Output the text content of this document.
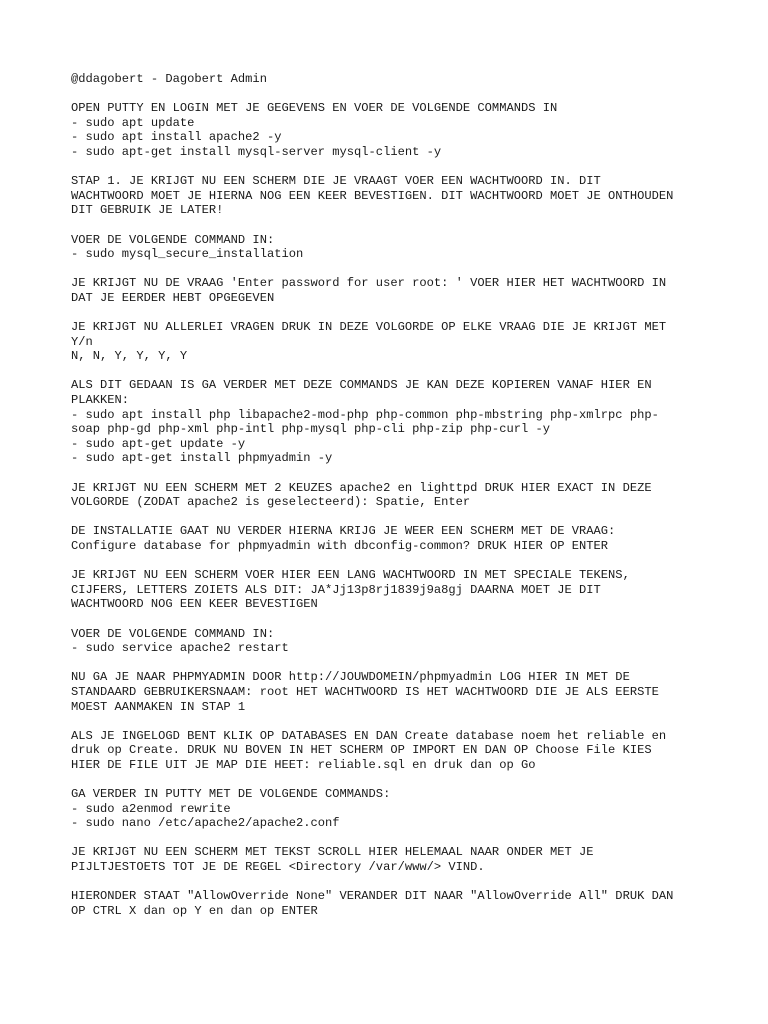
@ddagobert - Dagobert Admin
OPEN PUTTY EN LOGIN MET JE GEGEVENS EN VOER DE VOLGENDE COMMANDS IN
- sudo apt update
- sudo apt install apache2 -y
- sudo apt-get install mysql-server mysql-client -y
STAP 1. JE KRIJGT NU EEN SCHERM DIE JE VRAAGT VOER EEN WACHTWOORD IN. DIT
WACHTWOORD MOET JE HIERNA NOG EEN KEER BEVESTIGEN. DIT WACHTWOORD MOET JE ONTHOUDEN
DIT GEBRUIK JE LATER!
VOER DE VOLGENDE COMMAND IN:
- sudo mysql_secure_installation
JE KRIJGT NU DE VRAAG 'Enter password for user root: ' VOER HIER HET WACHTWOORD IN
DAT JE EERDER HEBT OPGEGEVEN
JE KRIJGT NU ALLERLEI VRAGEN DRUK IN DEZE VOLGORDE OP ELKE VRAAG DIE JE KRIJGT MET
Y/n
N, N, Y, Y, Y, Y
ALS DIT GEDAAN IS GA VERDER MET DEZE COMMANDS JE KAN DEZE KOPIEREN VANAF HIER EN
PLAKKEN:
- sudo apt install php libapache2-mod-php php-common php-mbstring php-xmlrpc php-
soap php-gd php-xml php-intl php-mysql php-cli php-zip php-curl -y
- sudo apt-get update -y
- sudo apt-get install phpmyadmin -y
JE KRIJGT NU EEN SCHERM MET 2 KEUZES apache2 en lighttpd DRUK HIER EXACT IN DEZE
VOLGORDE (ZODAT apache2 is geselecteerd): Spatie, Enter
DE INSTALLATIE GAAT NU VERDER HIERNA KRIJG JE WEER EEN SCHERM MET DE VRAAG:
Configure database for phpmyadmin with dbconfig-common? DRUK HIER OP ENTER
JE KRIJGT NU EEN SCHERM VOER HIER EEN LANG WACHTWOORD IN MET SPECIALE TEKENS,
CIJFERS, LETTERS ZOIETS ALS DIT: JA*Jj13p8rj1839j9a8gj DAARNA MOET JE DIT
WACHTWOORD NOG EEN KEER BEVESTIGEN
VOER DE VOLGENDE COMMAND IN:
- sudo service apache2 restart
NU GA JE NAAR PHPMYADMIN DOOR http://JOUWDOMEIN/phpmyadmin LOG HIER IN MET DE
STANDAARD GEBRUIKERSNAAM: root HET WACHTWOORD IS HET WACHTWOORD DIE JE ALS EERSTE
MOEST AANMAKEN IN STAP 1
ALS JE INGELOGD BENT KLIK OP DATABASES EN DAN Create database noem het reliable en
druk op Create. DRUK NU BOVEN IN HET SCHERM OP IMPORT EN DAN OP Choose File KIES
HIER DE FILE UIT JE MAP DIE HEET: reliable.sql en druk dan op Go
GA VERDER IN PUTTY MET DE VOLGENDE COMMANDS:
- sudo a2enmod rewrite
- sudo nano /etc/apache2/apache2.conf
JE KRIJGT NU EEN SCHERM MET TEKST SCROLL HIER HELEMAAL NAAR ONDER MET JE
PIJLTJESTOETS TOT JE DE REGEL <Directory /var/www/> VIND.
HIERONDER STAAT "AllowOverride None" VERANDER DIT NAAR "AllowOverride All" DRUK DAN
OP CTRL X dan op Y en dan op ENTER
